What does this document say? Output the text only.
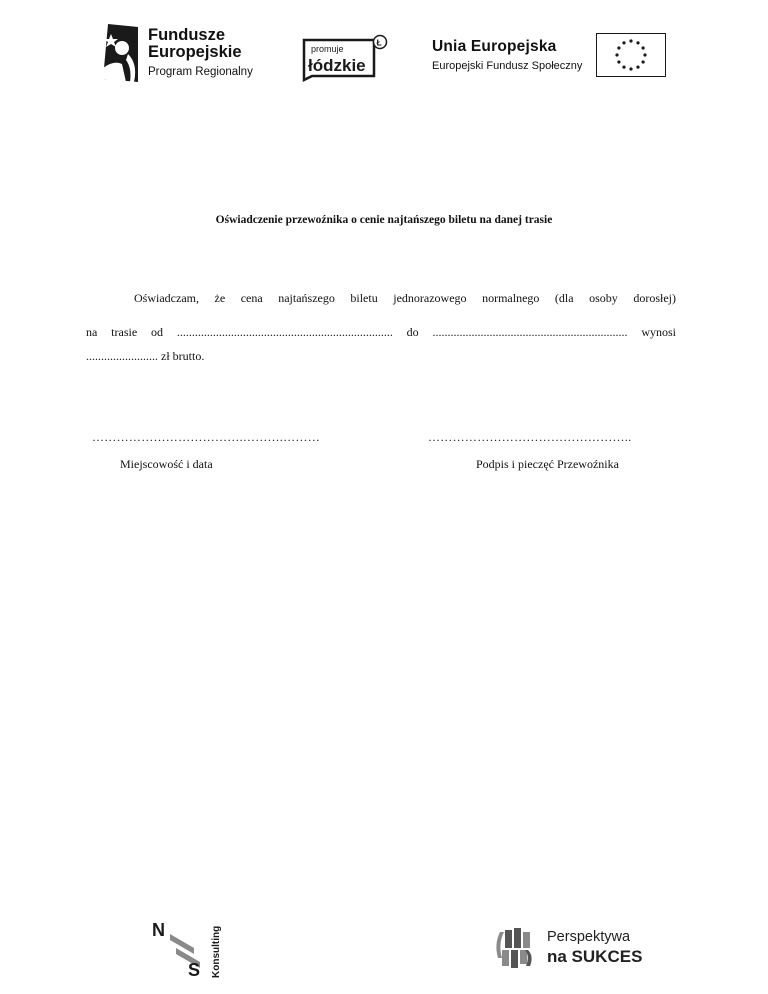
Fundusze
Europejskie
Program Regionalny
promuje
łódzkie
Ł	Unia Europejska
Europejski Fundusz Społeczny
Oświadczenie przewoźnika o cenie najtańszego biletu na danej trasie
Oświadczam, że cena najtańszego biletu jednorazowego normalnego (dla osoby dorosłej)
na trasie od ........................................................................ do ................................................................. wynosi
........................ zł brutto.
……………………………….……….………	…………………………………………..
Miejscowość i data	Podpis i pieczęć Przewoźnika
N
S Konsulting	Perspektywa
na SUKCES
